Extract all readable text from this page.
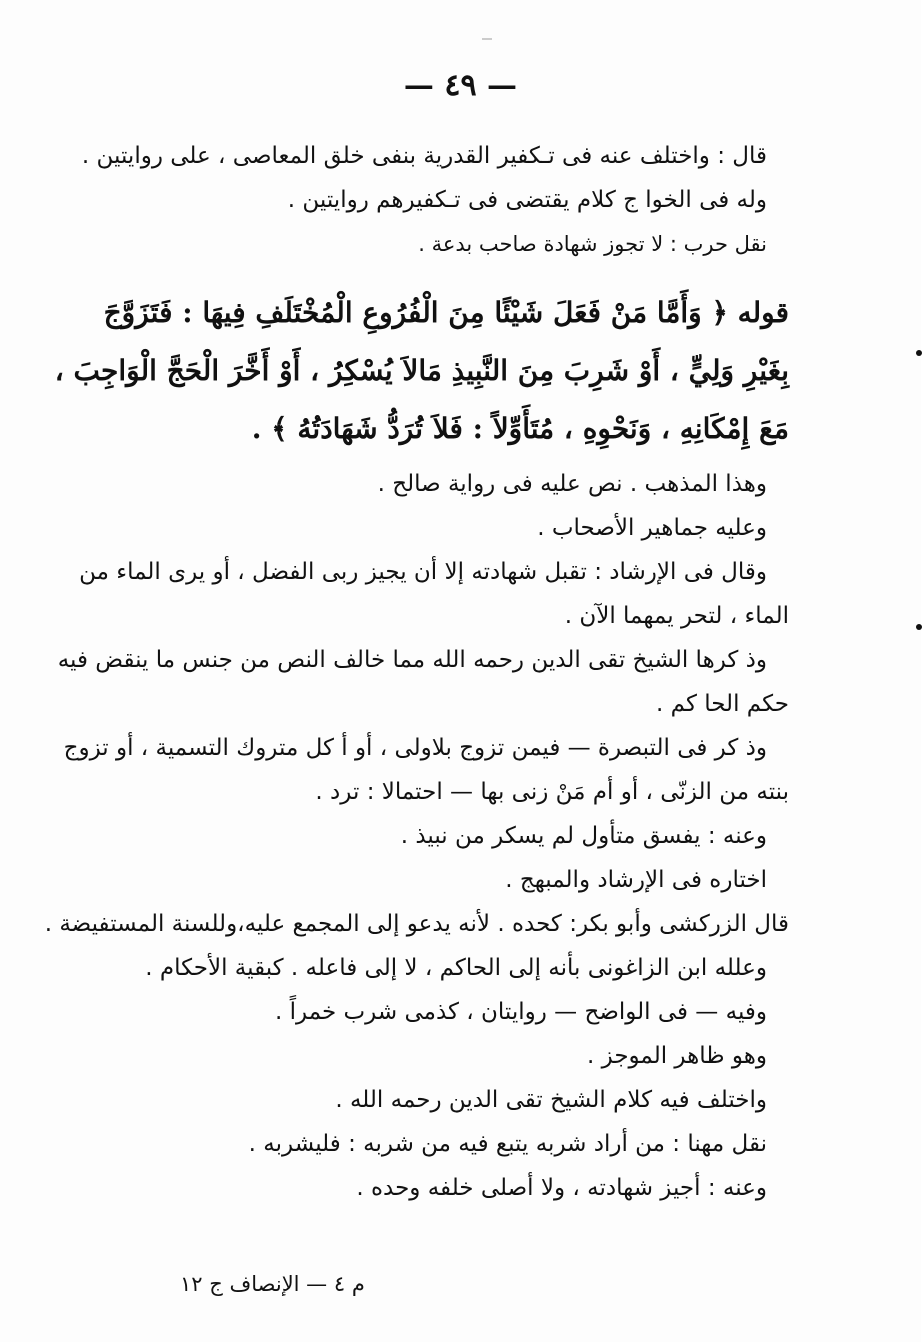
— ٤٩ —
قال : واختلف عنه فى تـكفير القدرية بنفى خلق المعاصى ، على روايتين .
وله فى الخوا ج كلام يقتضى فى تـكفيرهم روايتين .
نقل حرب : لا تجوز شهادة صاحب بدعة .
قوله ﴿ وَأَمَّا مَنْ فَعَلَ شَيْئًا مِنَ الْفُرُوعِ الْمُخْتَلَفِ فِيهَا : فَتَزَوَّجَ
بِغَيْرِ وَلِيٍّ ، أَوْ شَرِبَ مِنَ النَّبِيذِ مَالاَ يُسْكِرُ ، أَوْ أَخَّرَ الْحَجَّ الْوَاجِبَ ،
مَعَ إِمْكَانِهِ ، وَنَحْوِهِ ، مُتَأَوِّلاً : فَلاَ تُرَدُّ شَهَادَتُهُ ﴾ .
وهذا المذهب . نص عليه فى رواية صالح .
وعليه جماهير الأصحاب .
وقال فى الإرشاد : تقبل شهادته إلا أن يجيز ربى الفضل ، أو يرى الماء من
الماء ، لتحر يمهما الآن .
وذ كرها الشيخ تقى الدين رحمه الله مما خالف النص من جنس ما ينقض فيه
حكم الحا كم .
وذ كر فى التبصرة — فيمن تزوج بلاولى ، أو أ كل متروك التسمية ، أو تزوج
بنته من الزنّى ، أو أم مَنْ زنى بها — احتمالا : ترد .
وعنه : يفسق متأول لم يسكر من نبيذ .
اختاره فى الإرشاد والمبهج .
قال الزركشى وأبو بكر: كحده . لأنه يدعو إلى المجمع عليه،وللسنة المستفيضة .
وعلله ابن الزاغونى بأنه إلى الحاكم ، لا إلى فاعله . كبقية الأحكام .
وفيه — فى الواضح — روايتان ، كذمى شرب خمراً .
وهو ظاهر الموجز .
واختلف فيه كلام الشيخ تقى الدين رحمه الله .
نقل مهنا : من أراد شربه يتبع فيه من شربه : فليشربه .
وعنه : أجيز شهادته ، ولا أصلى خلفه وحده .
م ٤ — الإنصاف ج ١٢
